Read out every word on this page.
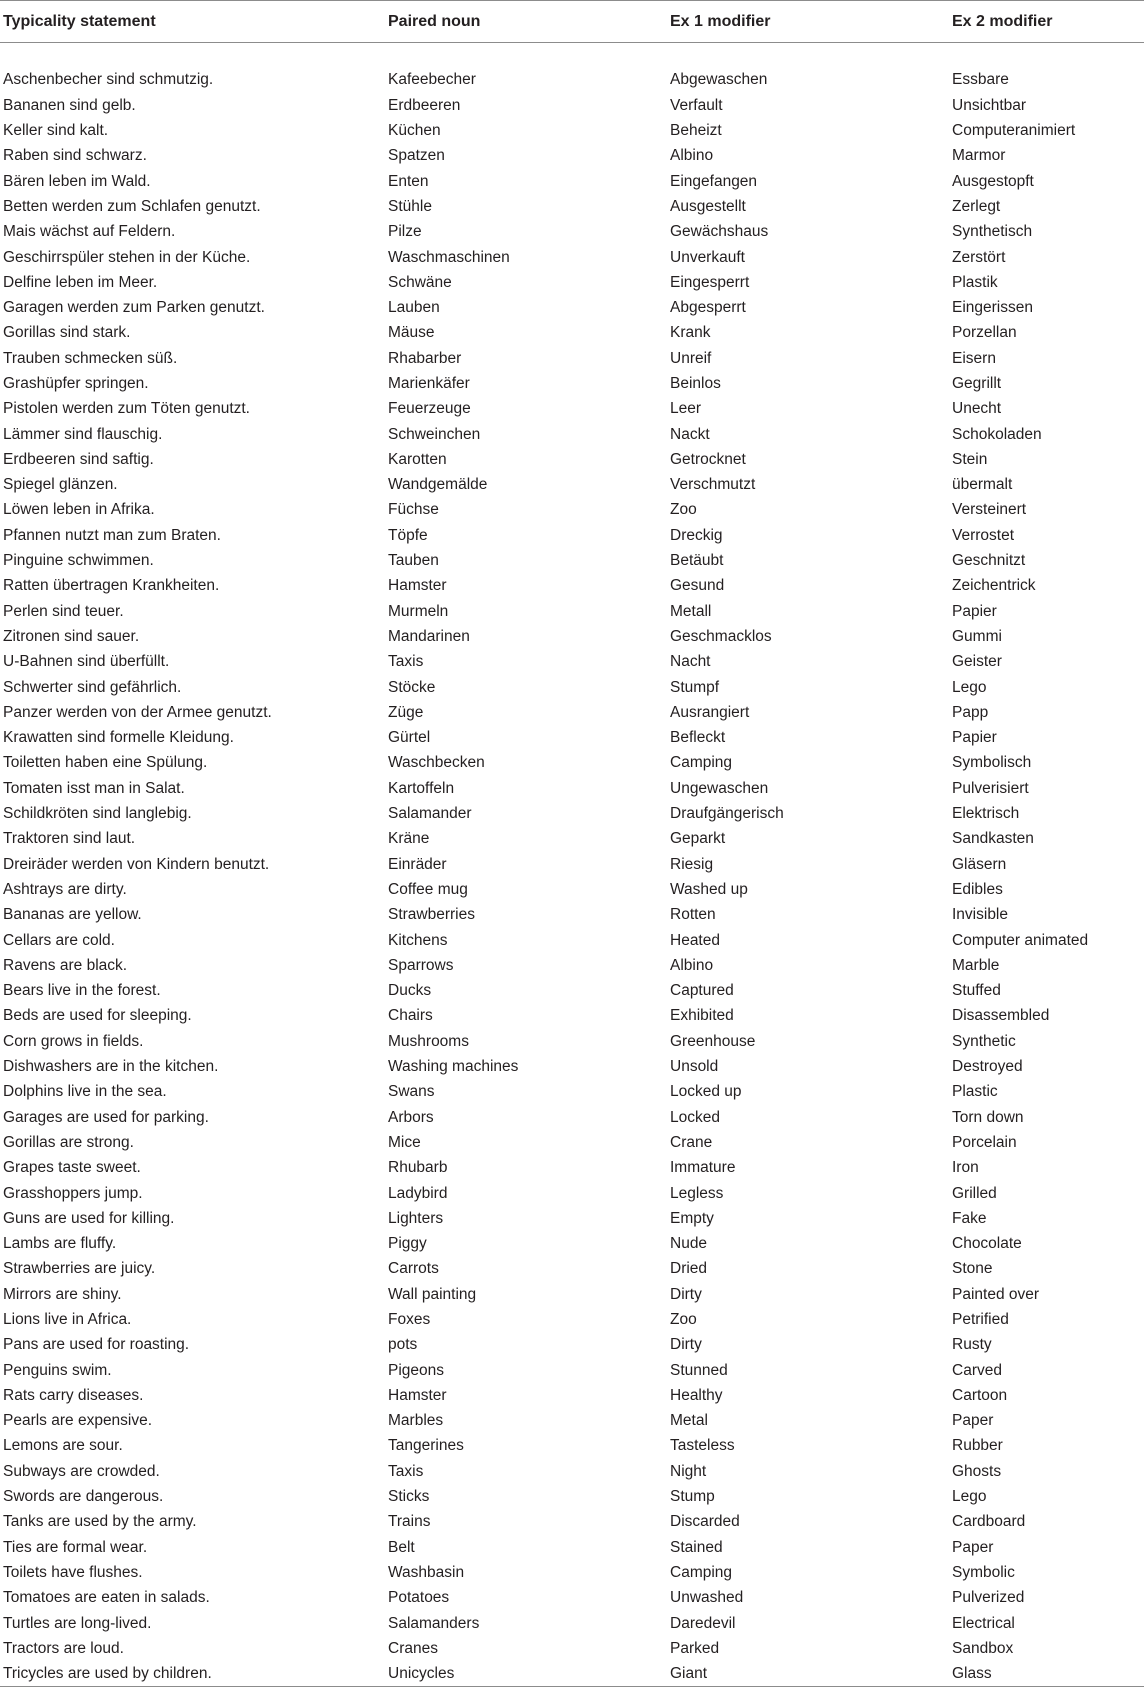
Typicality statement	Paired noun	Ex 1 modifier	Ex 2 modifier

Aschenbecher sind schmutzig.	Kafeebecher	Abgewaschen	Essbare
Bananen sind gelb.	Erdbeeren	Verfault	Unsichtbar
Keller sind kalt.	Küchen	Beheizt	Computeranimiert
Raben sind schwarz.	Spatzen	Albino	Marmor
Bären leben im Wald.	Enten	Eingefangen	Ausgestopft
Betten werden zum Schlafen genutzt.	Stühle	Ausgestellt	Zerlegt
Mais wächst auf Feldern.	Pilze	Gewächshaus	Synthetisch
Geschirrspüler stehen in der Küche.	Waschmaschinen	Unverkauft	Zerstört
Delfine leben im Meer.	Schwäne	Eingesperrt	Plastik
Garagen werden zum Parken genutzt.	Lauben	Abgesperrt	Eingerissen
Gorillas sind stark.	Mäuse	Krank	Porzellan
Trauben schmecken süß.	Rhabarber	Unreif	Eisern
Grashüpfer springen.	Marienkäfer	Beinlos	Gegrillt
Pistolen werden zum Töten genutzt.	Feuerzeuge	Leer	Unecht
Lämmer sind flauschig.	Schweinchen	Nackt	Schokoladen
Erdbeeren sind saftig.	Karotten	Getrocknet	Stein
Spiegel glänzen.	Wandgemälde	Verschmutzt	übermalt
Löwen leben in Afrika.	Füchse	Zoo	Versteinert
Pfannen nutzt man zum Braten.	Töpfe	Dreckig	Verrostet
Pinguine schwimmen.	Tauben	Betäubt	Geschnitzt
Ratten übertragen Krankheiten.	Hamster	Gesund	Zeichentrick
Perlen sind teuer.	Murmeln	Metall	Papier
Zitronen sind sauer.	Mandarinen	Geschmacklos	Gummi
U-Bahnen sind überfüllt.	Taxis	Nacht	Geister
Schwerter sind gefährlich.	Stöcke	Stumpf	Lego
Panzer werden von der Armee genutzt.	Züge	Ausrangiert	Papp
Krawatten sind formelle Kleidung.	Gürtel	Befleckt	Papier
Toiletten haben eine Spülung.	Waschbecken	Camping	Symbolisch
Tomaten isst man in Salat.	Kartoffeln	Ungewaschen	Pulverisiert
Schildkröten sind langlebig.	Salamander	Draufgängerisch	Elektrisch
Traktoren sind laut.	Kräne	Geparkt	Sandkasten
Dreiräder werden von Kindern benutzt.	Einräder	Riesig	Gläsern
Ashtrays are dirty.	Coffee mug	Washed up	Edibles
Bananas are yellow.	Strawberries	Rotten	Invisible
Cellars are cold.	Kitchens	Heated	Computer animated
Ravens are black.	Sparrows	Albino	Marble
Bears live in the forest.	Ducks	Captured	Stuffed
Beds are used for sleeping.	Chairs	Exhibited	Disassembled
Corn grows in fields.	Mushrooms	Greenhouse	Synthetic
Dishwashers are in the kitchen.	Washing machines	Unsold	Destroyed
Dolphins live in the sea.	Swans	Locked up	Plastic
Garages are used for parking.	Arbors	Locked	Torn down
Gorillas are strong.	Mice	Crane	Porcelain
Grapes taste sweet.	Rhubarb	Immature	Iron
Grasshoppers jump.	Ladybird	Legless	Grilled
Guns are used for killing.	Lighters	Empty	Fake
Lambs are fluffy.	Piggy	Nude	Chocolate
Strawberries are juicy.	Carrots	Dried	Stone
Mirrors are shiny.	Wall painting	Dirty	Painted over
Lions live in Africa.	Foxes	Zoo	Petrified
Pans are used for roasting.	pots	Dirty	Rusty
Penguins swim.	Pigeons	Stunned	Carved
Rats carry diseases.	Hamster	Healthy	Cartoon
Pearls are expensive.	Marbles	Metal	Paper
Lemons are sour.	Tangerines	Tasteless	Rubber
Subways are crowded.	Taxis	Night	Ghosts
Swords are dangerous.	Sticks	Stump	Lego
Tanks are used by the army.	Trains	Discarded	Cardboard
Ties are formal wear.	Belt	Stained	Paper
Toilets have flushes.	Washbasin	Camping	Symbolic
Tomatoes are eaten in salads.	Potatoes	Unwashed	Pulverized
Turtles are long-lived.	Salamanders	Daredevil	Electrical
Tractors are loud.	Cranes	Parked	Sandbox
Tricycles are used by children.	Unicycles	Giant	Glass
